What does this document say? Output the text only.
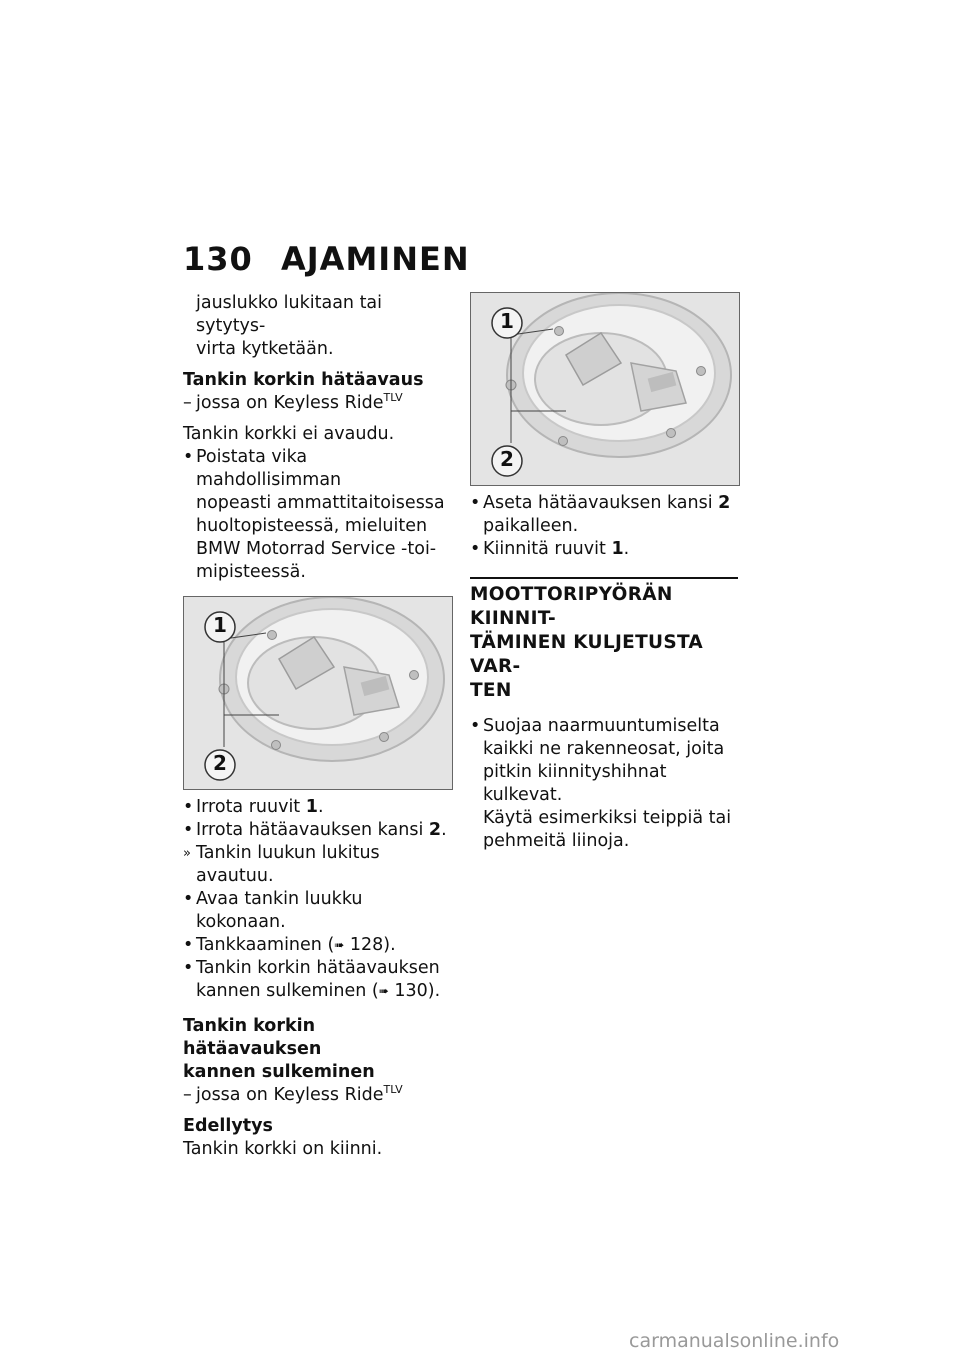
130 AJAMINEN

jauslukko lukitaan tai sytytys-

virta kytketään.

Tankin korkin hätäavaus

– jossa on Keyless Ride$^{TLV}$

Tankin korkki ei avaudu.

• Poistata vika mahdollisimman
nopeasti ammattitaitoisessa
huoltopisteessä, mieluiten
BMW Motorrad Service -toi-
mipisteessä.
1
2

• Irrota ruuvit 1.

• Irrota hätäavauksen kansi 2.

» Tankin luukun lukitus avautuu.

• Avaa tankin luukku kokonaan.

• Tankkaaminen (➠ 128).

• Tankin korkin hätäavauksen
kannen sulkeminen (➠ 130).

Tankin korkin hätäavauksen

kannen sulkeminen

– jossa on Keyless Ride$^{TLV}$

Edellytys

Tankin korkki on kiinni.

1
2
• Aseta hätäavauksen kansi 2
paikalleen.

• Kiinnitä ruuvit 1.

MOOTTORIPYÖRÄN KIINNIT-
TÄMINEN KULJETUSTA VAR-
TEN
• Suojaa naarmuuntumiselta
kaikki ne rakenneosat, joita
pitkin kiinnityshihnat kulkevat.
Käytä esimerkiksi teippiä tai
pehmeitä liinoja.
carmanualsonline.info
